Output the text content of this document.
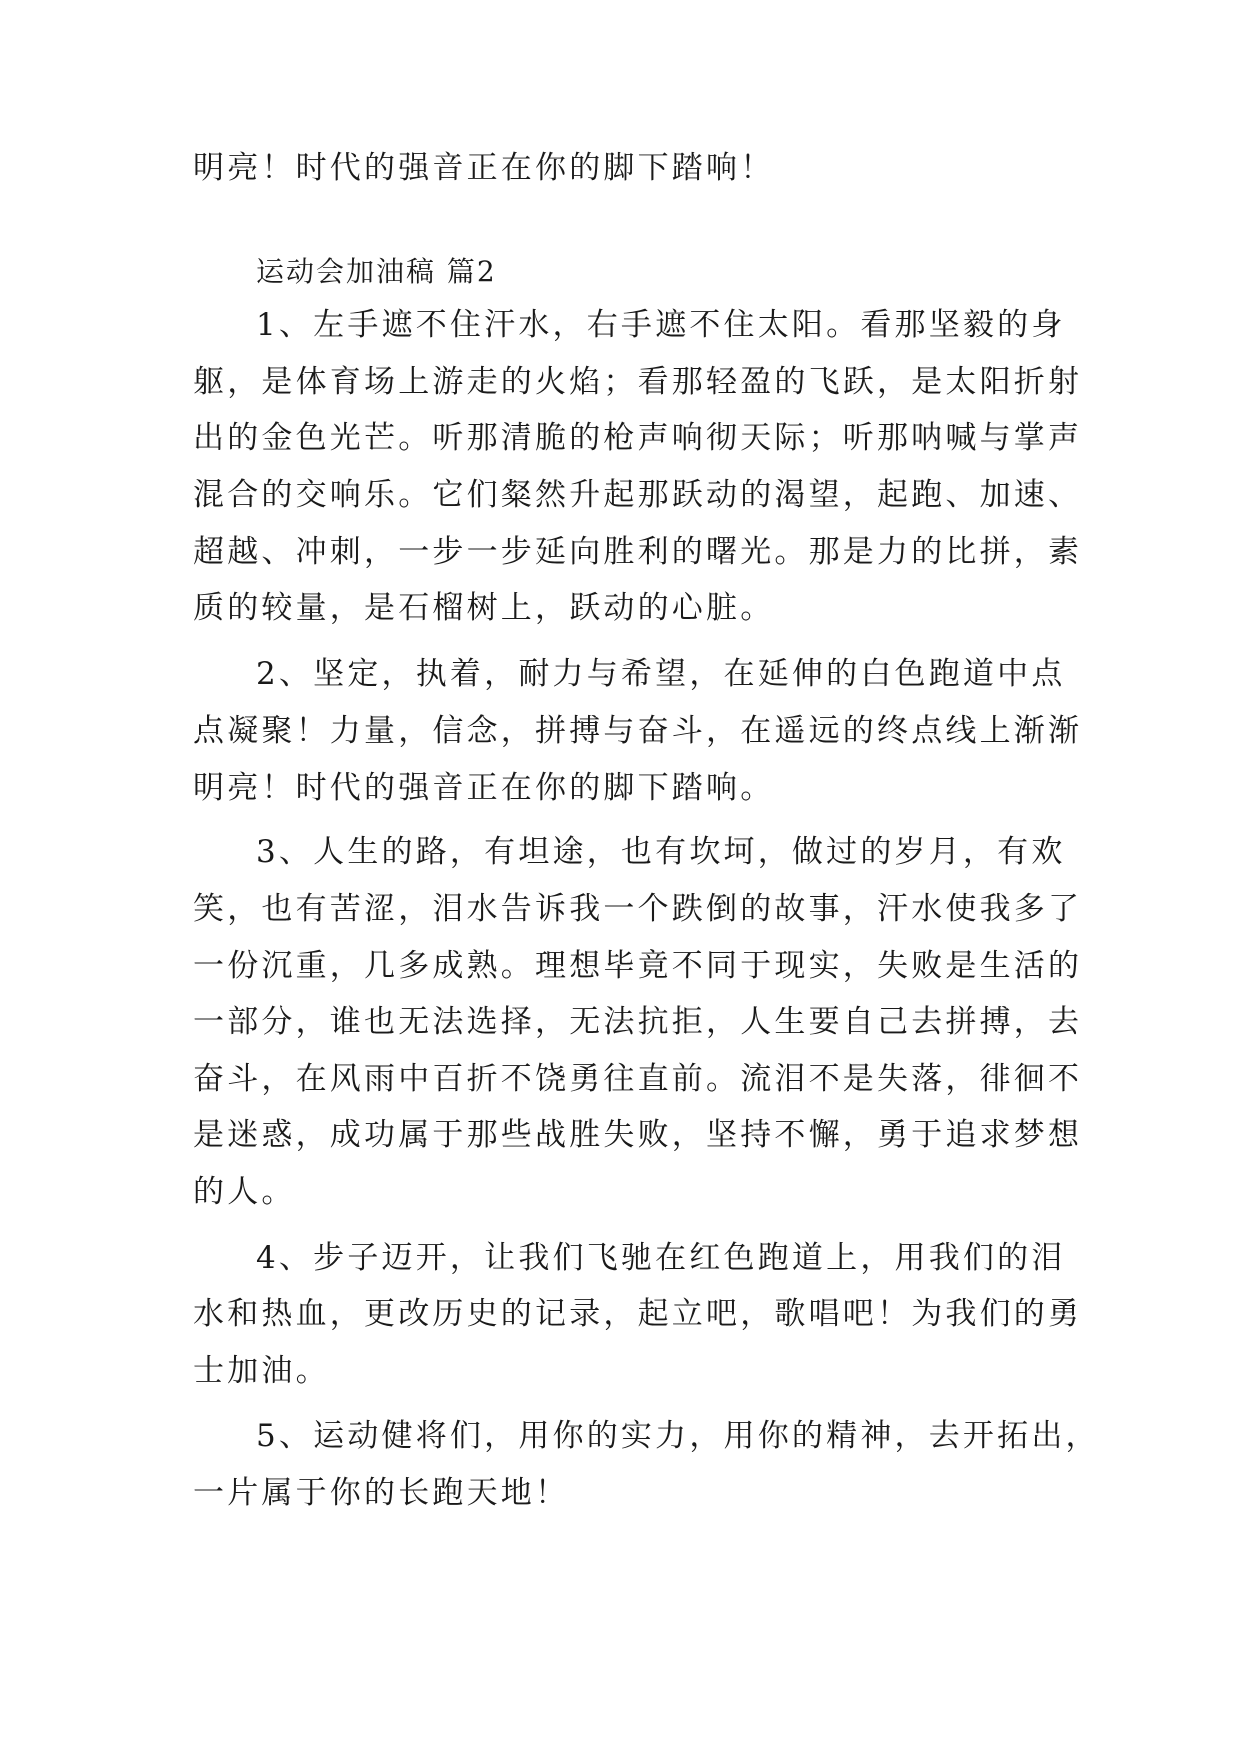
明亮！时代的强音正在你的脚下踏响！
运动会加油稿 篇2
1、左手遮不住汗水，右手遮不住太阳。看那坚毅的身
躯，是体育场上游走的火焰；看那轻盈的飞跃，是太阳折射
出的金色光芒。听那清脆的枪声响彻天际；听那呐喊与掌声
混合的交响乐。它们粲然升起那跃动的渴望，起跑、加速、
超越、冲刺，一步一步延向胜利的曙光。那是力的比拼，素
质的较量，是石榴树上，跃动的心脏。
2、坚定，执着，耐力与希望，在延伸的白色跑道中点
点凝聚！力量，信念，拼搏与奋斗，在遥远的终点线上渐渐
明亮！时代的强音正在你的脚下踏响。
3、人生的路，有坦途，也有坎坷，做过的岁月，有欢
笑，也有苦涩，泪水告诉我一个跌倒的故事，汗水使我多了
一份沉重，几多成熟。理想毕竟不同于现实，失败是生活的
一部分，谁也无法选择，无法抗拒，人生要自己去拼搏，去
奋斗，在风雨中百折不饶勇往直前。流泪不是失落，徘徊不
是迷惑，成功属于那些战胜失败，坚持不懈，勇于追求梦想
的人。
4、步子迈开，让我们飞驰在红色跑道上，用我们的泪
水和热血，更改历史的记录，起立吧，歌唱吧！为我们的勇
士加油。
5、运动健将们，用你的实力，用你的精神，去开拓出，
一片属于你的长跑天地！
